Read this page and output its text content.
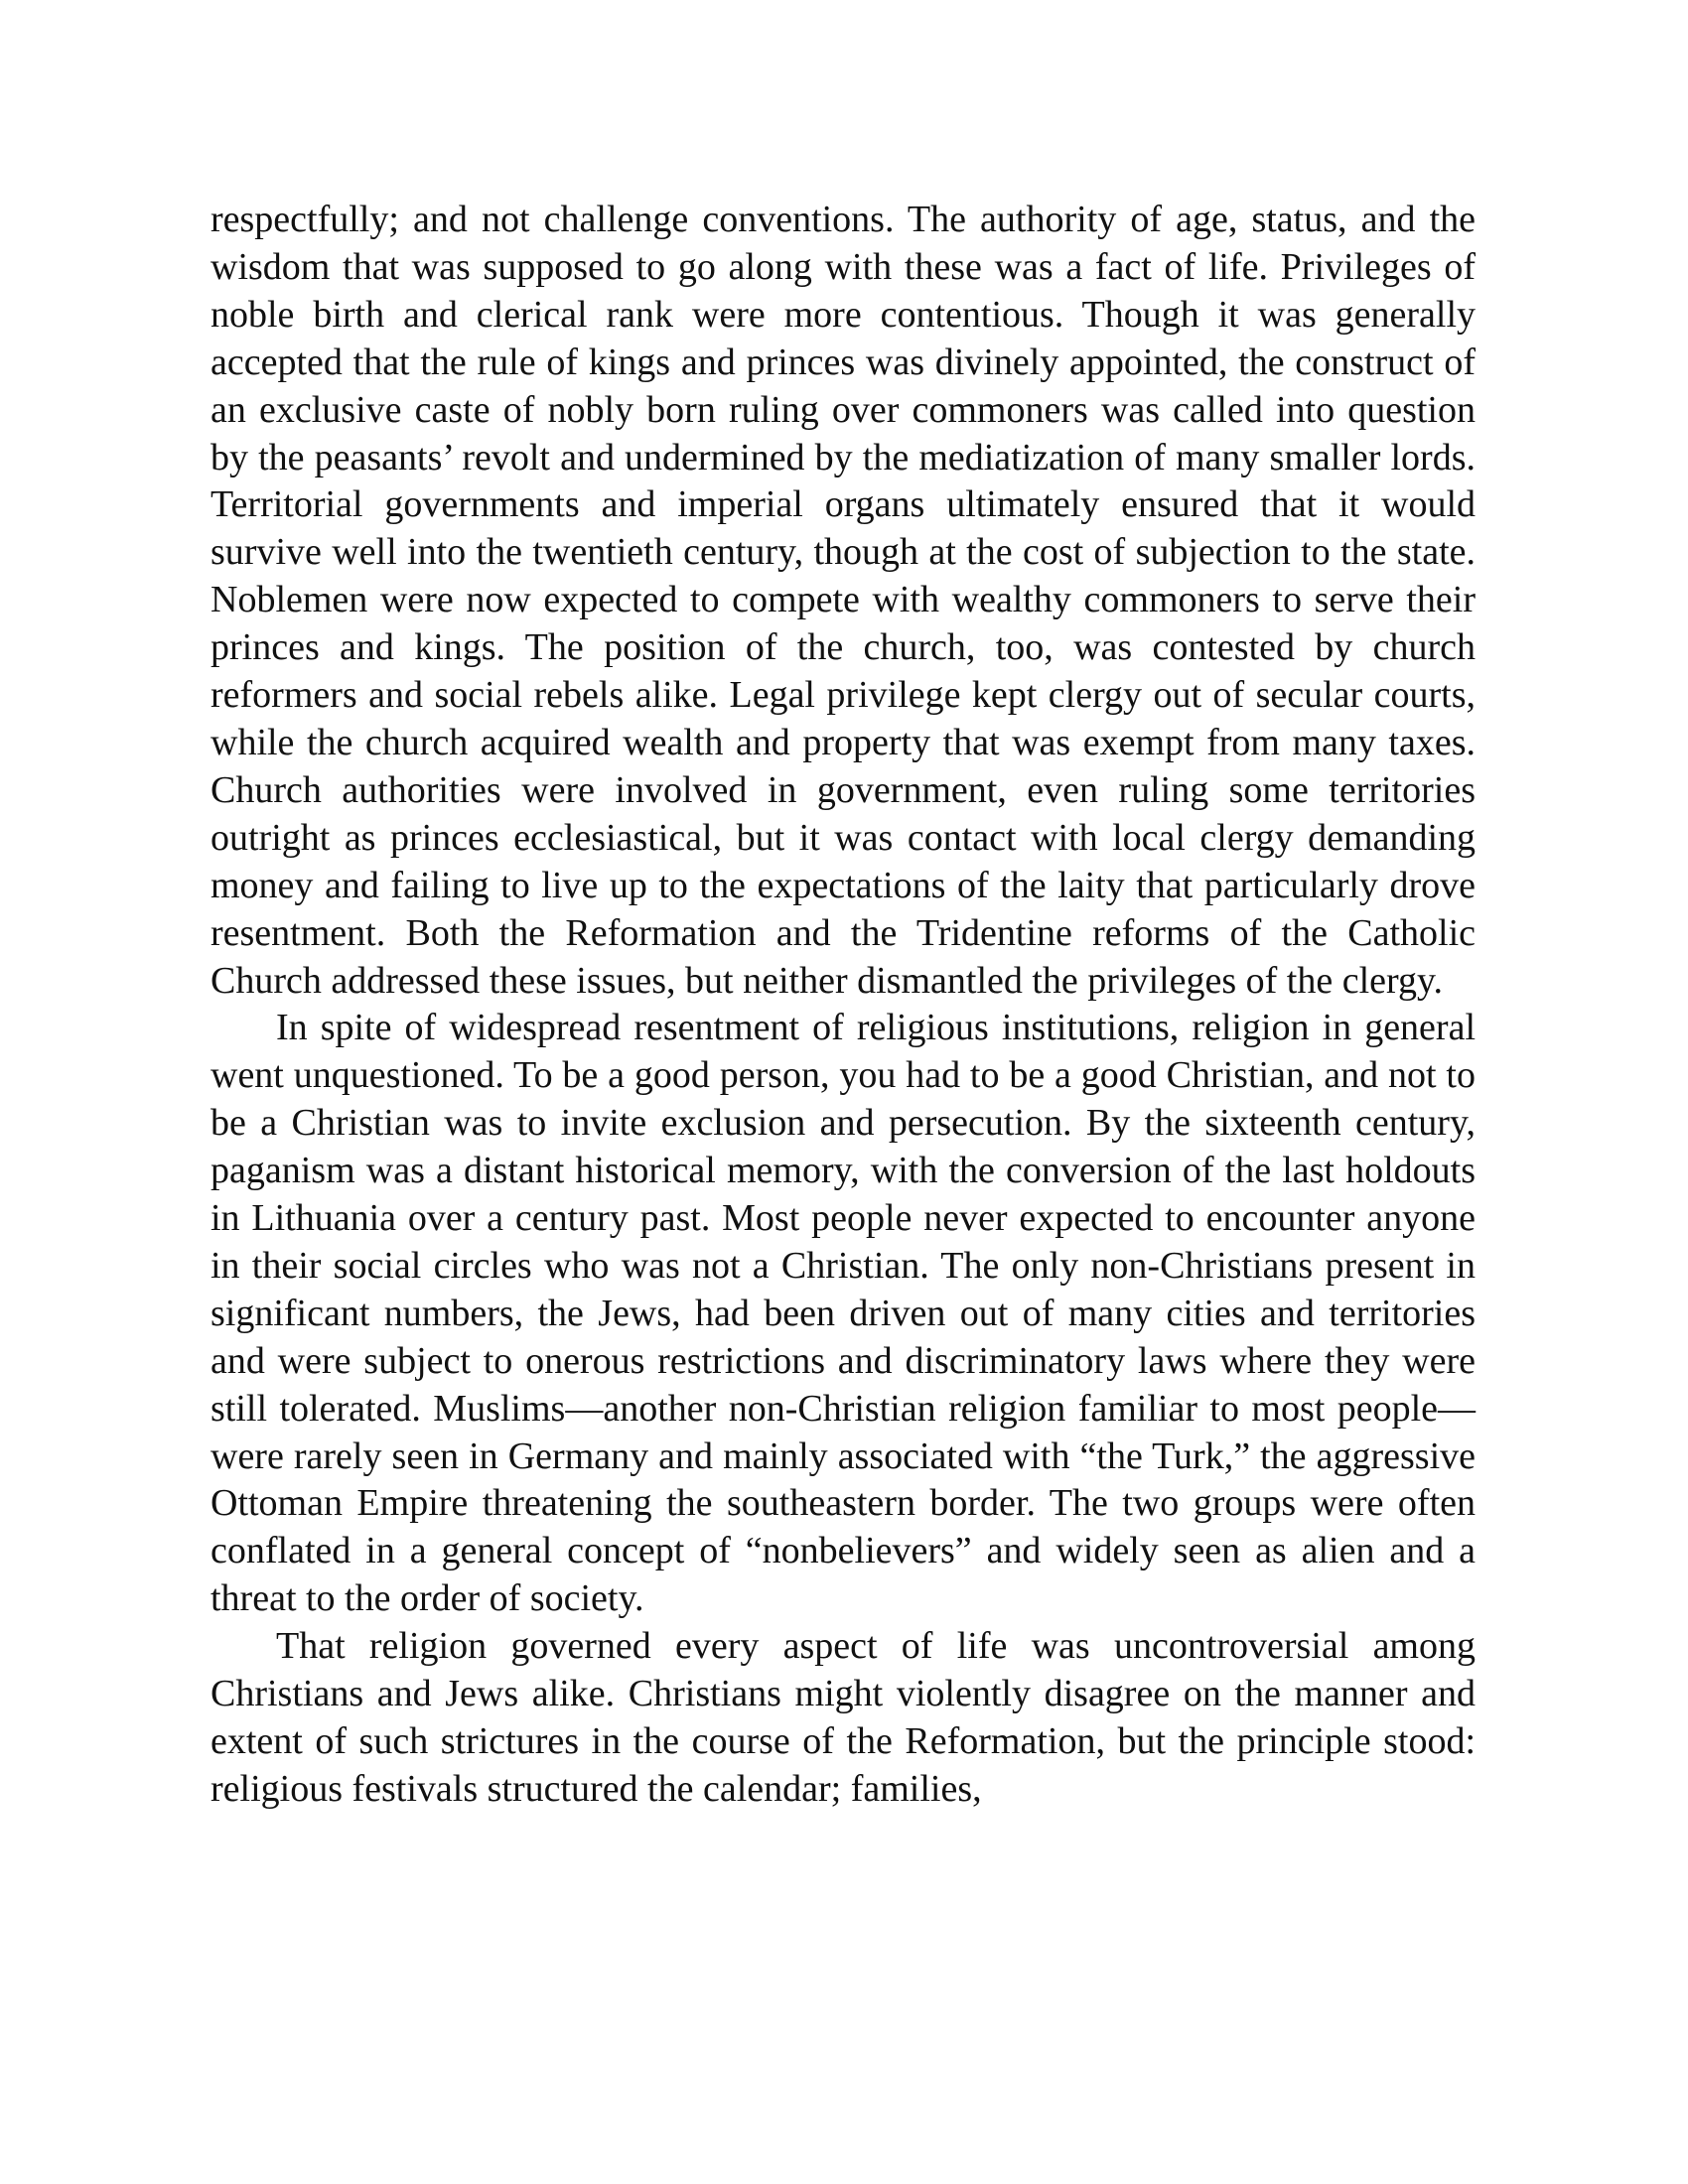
respectfully; and not challenge conventions. The authority of age, status, and the wisdom that was supposed to go along with these was a fact of life. Privileges of noble birth and clerical rank were more contentious. Though it was generally accepted that the rule of kings and princes was divinely appointed, the construct of an exclusive caste of nobly born ruling over commoners was called into question by the peasants’ revolt and undermined by the mediatization of many smaller lords. Territorial governments and imperial organs ultimately ensured that it would survive well into the twentieth century, though at the cost of subjection to the state. Noblemen were now expected to compete with wealthy commoners to serve their princes and kings. The position of the church, too, was contested by church reformers and social rebels alike. Legal privilege kept clergy out of secular courts, while the church acquired wealth and property that was exempt from many taxes. Church authorities were involved in government, even ruling some territories outright as princes ecclesiastical, but it was contact with local clergy demanding money and failing to live up to the expectations of the laity that particularly drove resentment. Both the Reformation and the Tridentine reforms of the Catholic Church addressed these issues, but neither dismantled the privileges of the clergy.

In spite of widespread resentment of religious institutions, religion in general went unquestioned. To be a good person, you had to be a good Christian, and not to be a Christian was to invite exclusion and persecution. By the sixteenth century, paganism was a distant historical memory, with the conversion of the last holdouts in Lithuania over a century past. Most people never expected to encounter anyone in their social circles who was not a Christian. The only non-Christians present in significant numbers, the Jews, had been driven out of many cities and territories and were subject to onerous restrictions and discriminatory laws where they were still tolerated. Muslims—another non-Christian religion familiar to most people—were rarely seen in Germany and mainly associated with “the Turk,” the aggressive Ottoman Empire threatening the southeastern border. The two groups were often conflated in a general concept of “nonbelievers” and widely seen as alien and a threat to the order of society.

That religion governed every aspect of life was uncontroversial among Christians and Jews alike. Christians might violently disagree on the manner and extent of such strictures in the course of the Reformation, but the principle stood: religious festivals structured the calendar; families,
